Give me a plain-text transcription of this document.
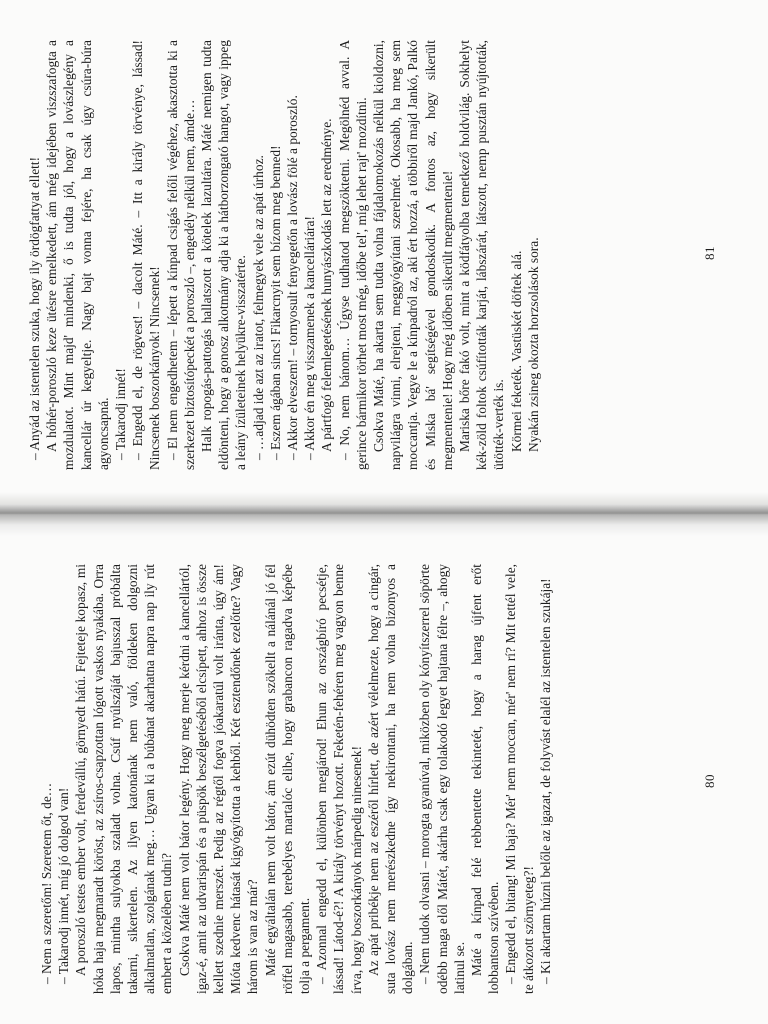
– Nem a szeretőm! Szeretem őt, de… – Takarodj innét, míg jó dolgod van! A poroszló testes ember volt, ferdevállú, görnyedt hátú. Fejteteje kopasz, mi hóka haja megmaradt köröst, az zsíros-csapzottan lógott vaskos nyakába. Orra lapos, mintha sulyokba szaladt volna. Csúf nyúlszáját bajusszal próbálta takarni, sikertelen. Az ilyen katonának nem való, földeken dolgozni alkalmatlan, szolgának meg… Ugyan ki a búbánat akarhatna napra nap ily rút embert a közelében tudni? Csokva Máté nem volt bátor legény. Hogy meg merje kérdni a kancellártól, igaz-é, amit az udvarispán és a püspök beszélgetéséből elcsípett, ahhoz is össze kellett szednie merszét. Pedig az régtől fogva jóakaratúl volt iránta, úgy ám! Mióta kedvenc hátasát kigyógyította a kehből. Két esztendőnek ezelőtte? Vagy három is van az már? Máté egyáltalán nem volt bátor, ám ezút dühödten szökellt a nálánál jó fél röffel magasabb, terebélyes martalóc elibe, hogy grabancon ragadva képébe tolja a pergament. – Azonnal engedd el, különben megjárod! Ehun az országbíró pecsétje, lássad! Látod-é?! A király törvényt hozott. Feketén-fehéren meg vagyon benne írva, hogy boszorkányok márpedig ninesenek! Az apát pribékje nem az eszéről hírlett, de azért vélelmezte, hogy a cingár, suta lovász nem merészkedne így nekirontani, ha nem volna bizonyos a dolgában. – Nem tudok olvasni – morogta gyanúval, miközben oly kónyítszerrel söpörte odébb maga elől Mátét, akárha csak egy tolakodó legyet hajtana félre –, ahogy latinul se. Máté a kínpad felé rebbentette tekintetét, hogy a harag újfent erőt lobbantson szívében. – Engedd el, bitang! Mi baja? Mér' nem moccan, mér' nem rí? Mit tettél vele, te átkozott szörnyeteg?! – Ki akartam húzni belőle az igazat, de folyvást elalél az istentelen szukája!	80

– Anyád az istentelen szuka, hogy ily ördögfattyat ellett! A hóhér-poroszló keze ütésre emelkedett, ám még idejében viszszafogta a mozdulatot. Mint majd' mindenki, ő is tudta jól, hogy a lovászlegény a kancellár úr kegyeltje. Nagy bajt vonna fejére, ha csak úgy csúra-búra agyoncsapná. – Takarodj innét! – Engedd el, de rögvest! – dacolt Máté. – Itt a király törvénye, lássad! Nincsenek boszorkányok! Nincsenek! – El nem engedhetem – lépett a kínpad csigás felőli végéhez, akasztotta ki a szerkezet biztosítópeckét a poroszló –, engedély nélkül nem, ámde… Halk ropogás-pattogás hallatszott a kötelek lazultára. Máté nemigen tudta eldönteni, hogy a gonosz alkotmány adja ki a hátborzongató hangot, vagy ippeg a leány ízületeinek helyükre-visszatérte. – …adjad ide azt az iratot, felmegyek vele az apát úrhoz. – Eszem ágában sincs! Fikarcnyit sem bízom meg benned! – Akkor elveszem! – tornyosult fenyegetőn a lovász fölé a poroszló. – Akkor én meg visszamenek a kancelláriára! A pártfogó felemlegetésének hunyászkodás lett az eredménye. – No, nem bánom… Úgyse tudhatod megszöktetni. Megölnéd avval. A gerince bármikor törhet most még, időbe tel', míg lehet rajt' mozdítni. Csokva Máté, ha akarta sem tudta volna fájdalomokozás nélkül kioldozni, napvilágra vinni, elrejteni, meggyógyítani szerelmét. Okosabb, ha meg sem moccantja. Vegye le a kínpadról az, aki ért hozzá, a többiről majd Jankó, Palkó és Miska bá' segítségével gondoskodik. A fontos az, hogy sikerült megmentenie! Hogy még időben sikerült megmentenie! Mariska bőre fakó volt, mint a ködfátyolba temetkező holdvilág. Sokhelyt kék-zöld foltok csúfították karját, lábszárát, látszott, nemp pusztán nyújtották, ütötték-verték is. Körmei feketék. Vastüskét döftek alá. Nyakán zsineg okozta horzsolások sora.	81
